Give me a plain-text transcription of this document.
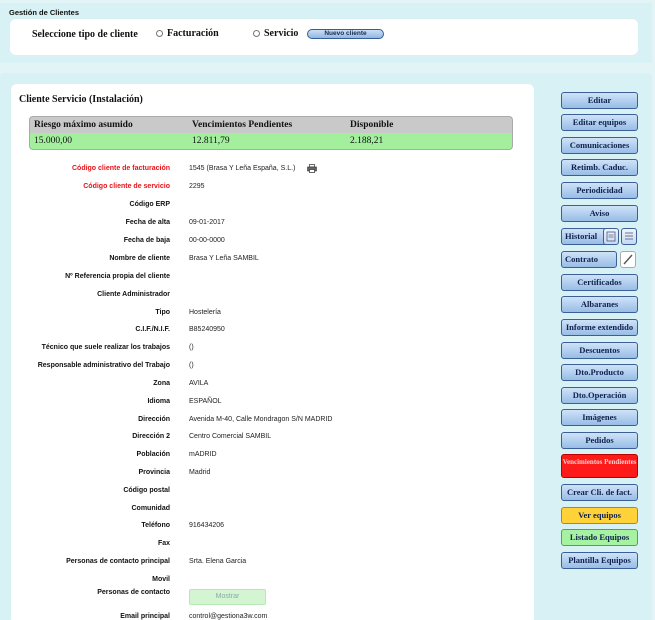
Gestión de Clientes
Seleccione tipo de cliente	Facturación	Servicio	Nuevo cliente
Cliente Servicio (Instalación)
Riesgo máximo asumido	Vencimientos Pendientes	Disponible
15.000,00	12.811,79	2.188,21
Código cliente de facturación	1545 (Brasa Y Leña España, S.L.)
Código cliente de servicio	2295
Código ERP
Fecha de alta	09-01-2017
Fecha de baja	00-00-0000
Nombre de cliente	Brasa Y Leña SAMBIL
Nº Referencia propia del cliente
Cliente Administrador
Tipo	Hostelería
C.I.F./N.I.F.	B85240950
Técnico que suele realizar los trabajos	()
Responsable administrativo del Trabajo	()
Zona	AVILA
Idioma	ESPAÑOL
Dirección	Avenida M-40, Calle Mondragon S/N MADRID
Dirección 2	Centro Comercial SAMBIL
Población	mADRID
Provincia	Madrid
Código postal
Comunidad
Teléfono	916434206
Fax
Personas de contacto principal	Srta. Elena Garcia
Movil
Personas de contacto
Email principal	control@gestiona3w.com
Mostrar
Editar
Editar equipos
Comunicaciones
Retimb. Caduc.
Periodicidad
Aviso
Historial
Contrato
Certificados
Albaranes
Informe extendido
Descuentos
Dto.Producto
Dto.Operación
Imágenes
Pedidos
Vencimientos Pendientes
Crear Cli. de fact.
Ver equipos
Listado Equipos
Plantilla Equipos
